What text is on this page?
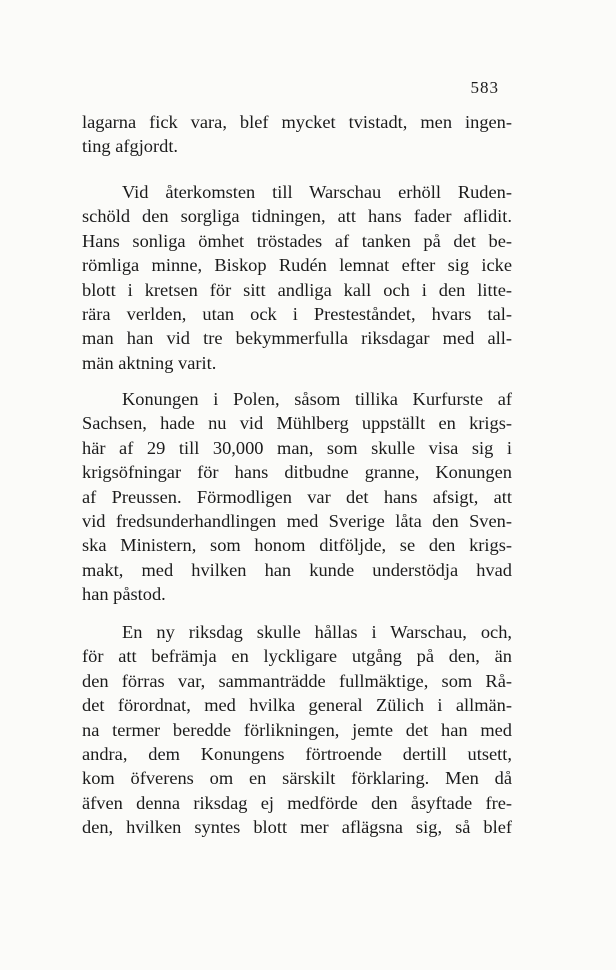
583
lagarna fick vara, blef mycket tvistadt, men ingen-
ting afgjordt.
Vid återkomsten till Warschau erhöll Ruden-
schöld den sorgliga tidningen, att hans fader aflidit.
Hans sonliga ömhet tröstades af tanken på det be-
römliga minne, Biskop Rudén lemnat efter sig icke
blott i kretsen för sitt andliga kall och i den litte-
rära verlden, utan ock i Presteståndet, hvars tal-
man han vid tre bekymmerfulla riksdagar med all-
män aktning varit.
Konungen i Polen, såsom tillika Kurfurste af
Sachsen, hade nu vid Mühlberg uppställt en krigs-
här af 29 till 30,000 man, som skulle visa sig i
krigsöfningar för hans ditbudne granne, Konungen
af Preussen. Förmodligen var det hans afsigt, att
vid fredsunderhandlingen med Sverige låta den Sven-
ska Ministern, som honom ditföljde, se den krigs-
makt, med hvilken han kunde understödja hvad
han påstod.
En ny riksdag skulle hållas i Warschau, och,
för att befrämja en lyckligare utgång på den, än
den förras var, sammanträdde fullmäktige, som Rå-
det förordnat, med hvilka general Zülich i allmän-
na termer beredde förlikningen, jemte det han med
andra, dem Konungens förtroende dertill utsett,
kom öfverens om en särskilt förklaring. Men då
äfven denna riksdag ej medförde den åsyftade fre-
den, hvilken syntes blott mer aflägsna sig, så blef
